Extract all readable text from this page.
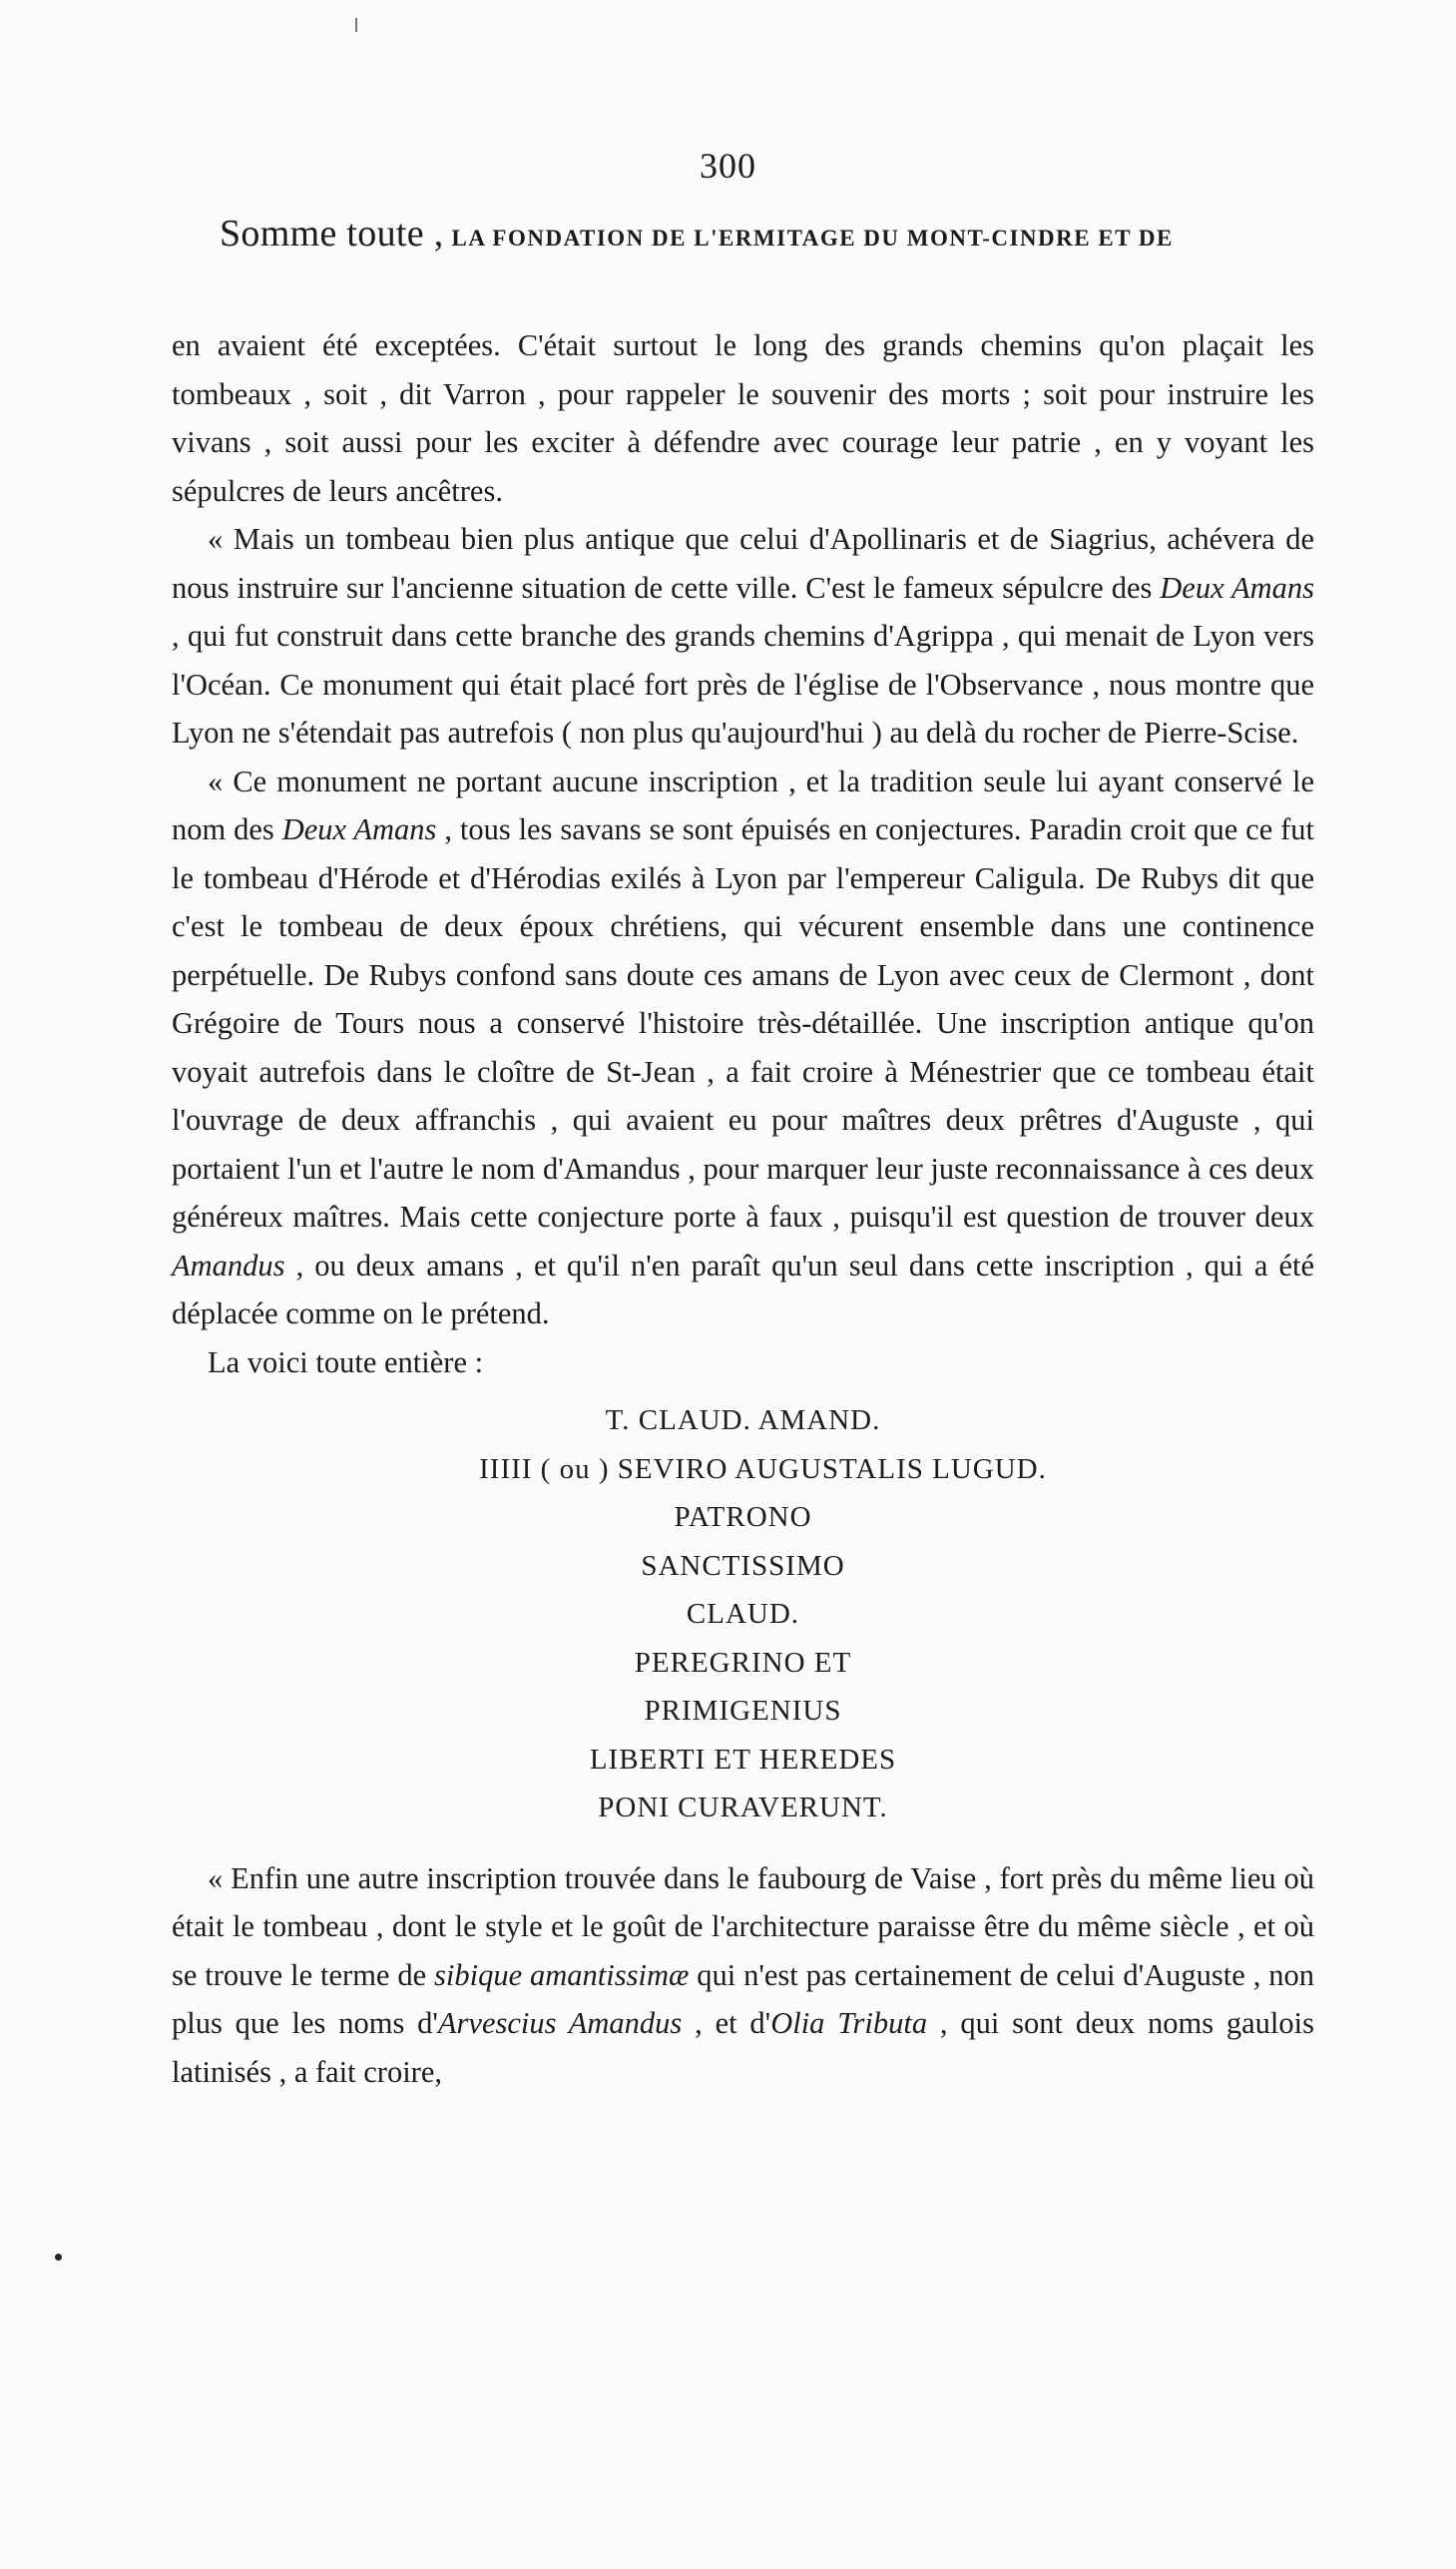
300
Somme toute , LA FONDATION DE L'ERMITAGE DU MONT-CINDRE ET DE

en avaient été exceptées. C'était surtout le long des grands chemins qu'on plaçait les tombeaux , soit , dit Varron , pour rappeler le souvenir des morts ; soit pour instruire les vivans , soit aussi pour les exciter à défendre avec courage leur patrie , en y voyant les sépulcres de leurs ancêtres.

« Mais un tombeau bien plus antique que celui d'Apollinaris et de Siagrius, achévera de nous instruire sur l'ancienne situation de cette ville. C'est le fameux sépulcre des Deux Amans , qui fut construit dans cette branche des grands chemins d'Agrippa , qui menait de Lyon vers l'Océan. Ce monument qui était placé fort près de l'église de l'Observance , nous montre que Lyon ne s'étendait pas autrefois ( non plus qu'aujourd'hui ) au delà du rocher de Pierre-Scise.

« Ce monument ne portant aucune inscription , et la tradition seule lui ayant conservé le nom des Deux Amans , tous les savans se sont épuisés en conjectures. Paradin croit que ce fut le tombeau d'Hérode et d'Hérodias exilés à Lyon par l'empereur Caligula. De Rubys dit que c'est le tombeau de deux époux chrétiens, qui vécurent ensemble dans une continence perpétuelle. De Rubys confond sans doute ces amans de Lyon avec ceux de Clermont , dont Grégoire de Tours nous a conservé l'histoire très-détaillée. Une inscription antique qu'on voyait autrefois dans le cloître de St-Jean , a fait croire à Ménestrier que ce tombeau était l'ouvrage de deux affranchis , qui avaient eu pour maîtres deux prêtres d'Auguste , qui portaient l'un et l'autre le nom d'Amandus , pour marquer leur juste reconnaissance à ces deux généreux maîtres. Mais cette conjecture porte à faux , puisqu'il est question de trouver deux Amandus , ou deux amans , et qu'il n'en paraît qu'un seul dans cette inscription , qui a été déplacée comme on le prétend.

La voici toute entière :

T. CLAUD. AMAND.
IIIII ( ou ) SEVIRO AUGUSTALIS LUGUD.
PATRONO
SANCTISSIMO
CLAUD.
PEREGRINO ET
PRIMIGENIUS
LIBERTI ET HEREDES
PONI CURAVERUNT.

« Enfin une autre inscription trouvée dans le faubourg de Vaise , fort près du même lieu où était le tombeau , dont le style et le goût de l'architecture paraisse être du même siècle , et où se trouve le terme de sibique amantissimæ qui n'est pas certainement de celui d'Auguste , non plus que les noms d'Arvescius Amandus , et d'Olia Tributa , qui sont deux noms gaulois latinisés , a fait croire,
